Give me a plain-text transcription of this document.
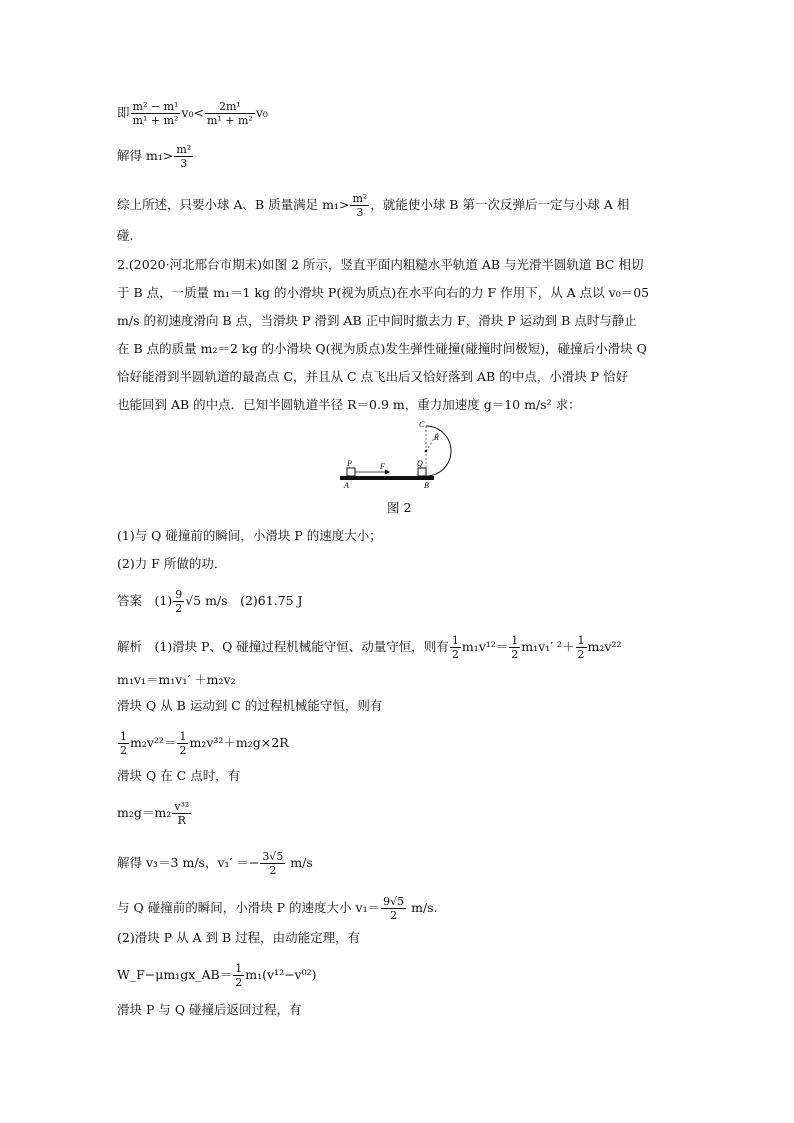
即 $\frac{\text{m² − m¹}}{\text{m¹ + m²}} v_0< \frac{\text{2m¹}}{\text{m¹ + m²}} v_0$
解得 $m_1> \frac{\text{m²}}{3}$
综上所述，只要小球 A、B 质量满足 $m_1> \frac{\text{m²}}{3}$ ，就能使小球 B 第一次反弹后一定与小球 A 相
碰.
2.(2020·河北邢台市期末)如图 2 所示，竖直平面内粗糙水平轨道 AB 与光滑半圆轨道 BC 相切
于 B 点，一质量 m₁＝1 kg 的小滑块 P(视为质点)在水平向右的力 F 作用下，从 A 点以 v₀＝05
m/s 的初速度滑向 B 点，当滑块 P 滑到 AB 正中间时撤去力 F，滑块 P 运动到 B 点时与静止
在 B 点的质量 m₂＝2 kg 的小滑块 Q(视为质点)发生弹性碰撞(碰撞时间极短)，碰撞后小滑块 Q
恰好能滑到半圆轨道的最高点 C，并且从 C 点飞出后又恰好落到 AB 的中点，小滑块 P 恰好
也能回到 AB 的中点．已知半圆轨道半径 R＝0.9 m，重力加速度 g＝10 m/s² 求：
P	F	Q
A	B
C
R
图 2
(1)与 Q 碰撞前的瞬间，小滑块 P 的速度大小；
(2)力 F 所做的功．
答案　$(1) \frac{9}{2} √5$ m/s　(2)61.75 J
解析　(1)滑块 P、Q 碰撞过程机械能守恒、动量守恒，则有 $\frac{1}{2} m_1v^{12}= \frac{1}{2} m_1v_1'$ $^2+ \frac{1}{2} m_2v^{22}$
m₁v₁＝m₁v₁′ ＋m₂v₂
滑块 Q 从 B 运动到 C 的过程机械能守恒，则有
$\frac{1}{2} m_2v^{22}= \frac{1}{2} m_2v^{32}+m_2g\times 2R$
滑块 Q 在 C 点时，有
$m_2g=m_2 \frac{\text{v³²}}{R}$
解得 v₃＝3 m/s，$v_1' =- \frac{3√5}{2} m/s$
与 Q 碰撞前的瞬间，小滑块 P 的速度大小 $v_1= \frac{9√5}{2} m/s$.
(2)滑块 P 从 A 到 B 过程，由动能定理，有
W_F−μm₁gx_AB＝ $\frac{1}{2} m_1(v^{12}-v^{02})$
滑块 P 与 Q 碰撞后返回过程，有
